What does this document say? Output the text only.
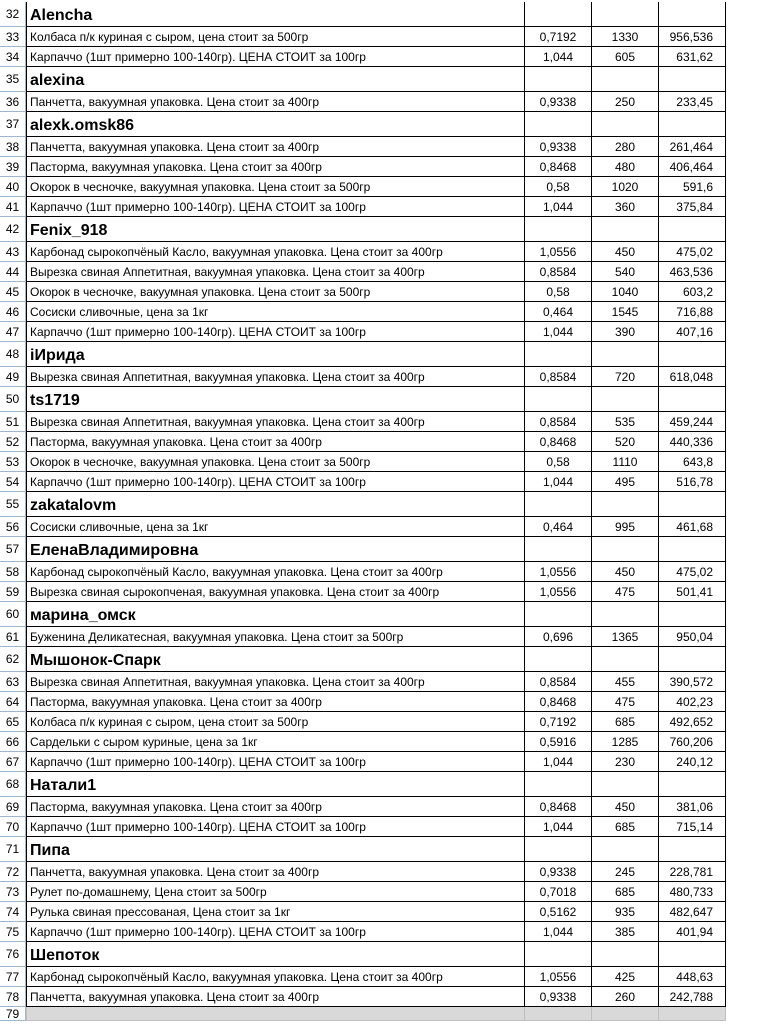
32 Alencha
33 Колбаса п/к куриная с сыром, цена стоит за 500гр	0,7192	1330	956,536
34 Карпаччо (1шт примерно 100-140гр). ЦЕНА СТОИТ за 100гр	1,044	605	631,62
35 alexina
36 Панчетта, вакуумная упаковка. Цена стоит за 400гр	0,9338	250	233,45
37 alexk.omsk86
38 Панчетта, вакуумная упаковка. Цена стоит за 400гр	0,9338	280	261,464
39 Пасторма, вакуумная упаковка. Цена стоит за 400гр	0,8468	480	406,464
40 Окорок в чесночке, вакуумная упаковка. Цена стоит за 500гр	0,58	1020	591,6
41 Карпаччо (1шт примерно 100-140гр). ЦЕНА СТОИТ за 100гр	1,044	360	375,84
42 Fenix_918
43 Карбонад сырокопчёный Касло, вакуумная упаковка. Цена стоит за 400гр	1,0556	450	475,02
44 Вырезка свиная Аппетитная, вакуумная упаковка. Цена стоит за 400гр	0,8584	540	463,536
45 Окорок в чесночке, вакуумная упаковка. Цена стоит за 500гр	0,58	1040	603,2
46 Сосиски сливочные, цена за 1кг	0,464	1545	716,88
47 Карпаччо (1шт примерно 100-140гр). ЦЕНА СТОИТ за 100гр	1,044	390	407,16
48 iИрида
49 Вырезка свиная Аппетитная, вакуумная упаковка. Цена стоит за 400гр	0,8584	720	618,048
50 ts1719
51 Вырезка свиная Аппетитная, вакуумная упаковка. Цена стоит за 400гр	0,8584	535	459,244
52 Пасторма, вакуумная упаковка. Цена стоит за 400гр	0,8468	520	440,336
53 Окорок в чесночке, вакуумная упаковка. Цена стоит за 500гр	0,58	1110	643,8
54 Карпаччо (1шт примерно 100-140гр). ЦЕНА СТОИТ за 100гр	1,044	495	516,78
55 zakatalovm
56 Сосиски сливочные, цена за 1кг	0,464	995	461,68
57 ЕленаВладимировна
58 Карбонад сырокопчёный Касло, вакуумная упаковка. Цена стоит за 400гр	1,0556	450	475,02
59 Вырезка свиная сырокопченая, вакуумная упаковка. Цена стоит за 400гр	1,0556	475	501,41
60 марина_омск
61 Буженина Деликатесная, вакуумная упаковка. Цена стоит за 500гр	0,696	1365	950,04
62 Мышонок-Спарк
63 Вырезка свиная Аппетитная, вакуумная упаковка. Цена стоит за 400гр	0,8584	455	390,572
64 Пасторма, вакуумная упаковка. Цена стоит за 400гр	0,8468	475	402,23
65 Колбаса п/к куриная с сыром, цена стоит за 500гр	0,7192	685	492,652
66 Сардельки с сыром куриные, цена за 1кг	0,5916	1285	760,206
67 Карпаччо (1шт примерно 100-140гр). ЦЕНА СТОИТ за 100гр	1,044	230	240,12
68 Натали1
69 Пасторма, вакуумная упаковка. Цена стоит за 400гр	0,8468	450	381,06
70 Карпаччо (1шт примерно 100-140гр). ЦЕНА СТОИТ за 100гр	1,044	685	715,14
71 Пипа
72 Панчетта, вакуумная упаковка. Цена стоит за 400гр	0,9338	245	228,781
73 Рулет по-домашнему, Цена стоит за 500гр	0,7018	685	480,733
74 Рулька свиная прессованая, Цена стоит за 1кг	0,5162	935	482,647
75 Карпаччо (1шт примерно 100-140гр). ЦЕНА СТОИТ за 100гр	1,044	385	401,94
76 Шепоток
77 Карбонад сырокопчёный Касло, вакуумная упаковка. Цена стоит за 400гр	1,0556	425	448,63
78 Панчетта, вакуумная упаковка. Цена стоит за 400гр	0,9338	260	242,788
79
